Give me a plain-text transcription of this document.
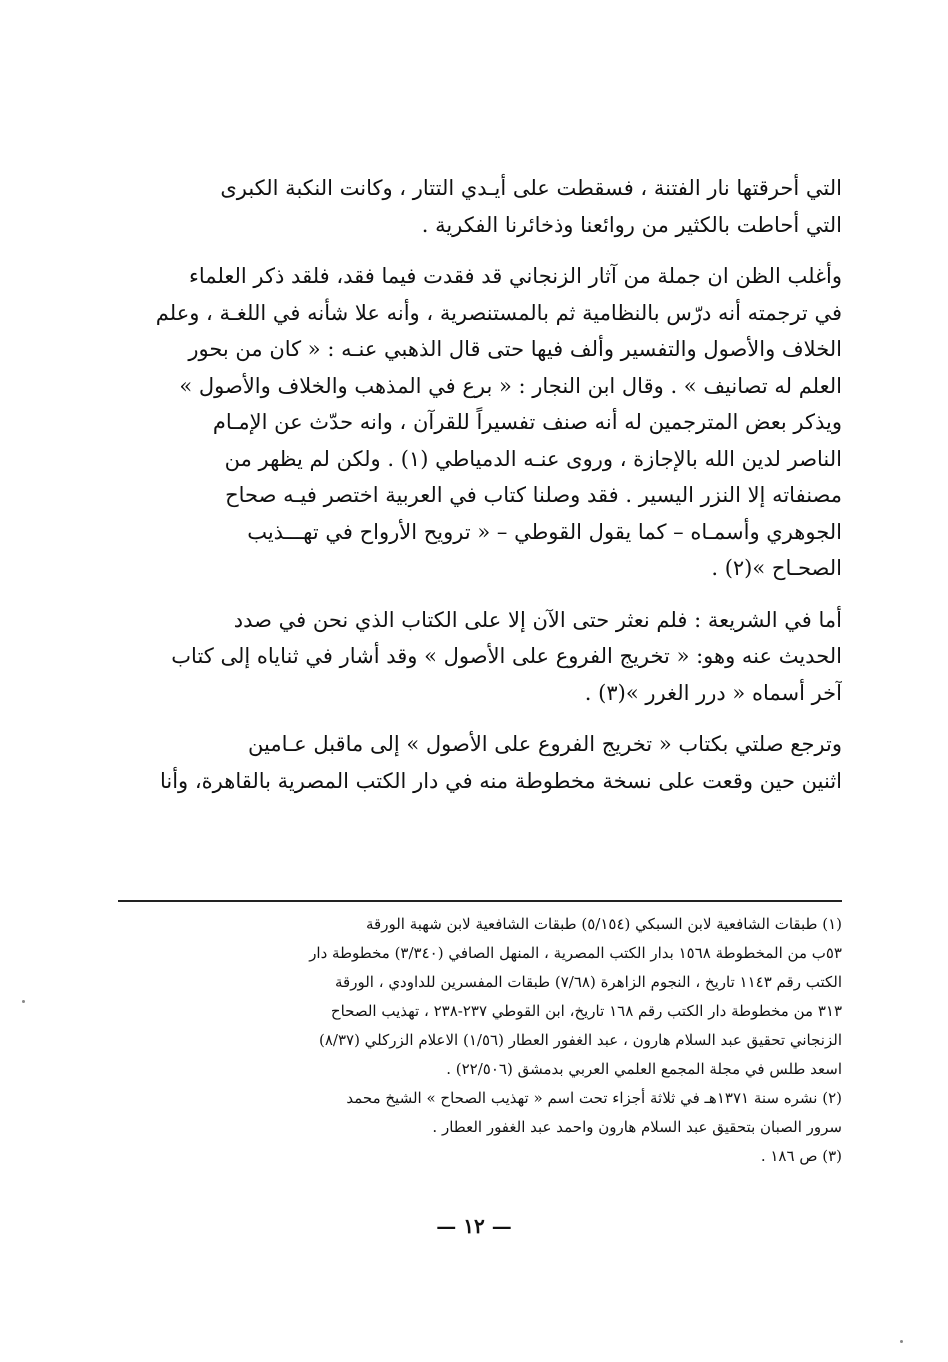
التي أحرقتها نار الفتنة ، فسقطت على أيـدي التتار ، وكانت النكبة الكبرى
التي أحاطت بالكثير من روائعنا وذخائرنا الفكرية .
وأغلب الظن ان جملة من آثار الزنجاني قد فقدت فيما فقد، فلقد ذكر العلماء
في ترجمته أنه درّس بالنظامية ثم بالمستنصرية ، وأنه علا شأنه في اللغـة ، وعلم
الخلاف والأصول والتفسير وألف فيها حتى قال الذهبي عنـه : « كان من بحور
العلم له تصانيف » . وقال ابن النجار : « برع في المذهب والخلاف والأصول »
ويذكر بعض المترجمين له أنه صنف تفسيراً للقرآن ، وانه حدّث عن الإمـام
الناصر لدين الله بالإجازة ، وروى عنـه الدمياطي (١) . ولكن لم يظهر من
مصنفاته إلا النزر اليسير . فقد وصلنا كتاب في العربية اختصر فيـه صحاح
الجوهري وأسمـاه – كما يقول القوطي – « ترويح الأرواح في تهـــذيب
الصحـاح »(٢) .
أما في الشريعة : فلم نعثر حتى الآن إلا على الكتاب الذي نحن في صدد
الحديث عنه وهو: « تخريج الفروع على الأصول » وقد أشار في ثناياه إلى كتاب
آخر أسماه « درر الغرر »(٣) .
وترجع صلتي بكتاب « تخريج الفروع على الأصول » إلى ماقبل عـامين
اثنين حين وقعت على نسخة مخطوطة منه في دار الكتب المصرية بالقاهرة، وأنا
(١) طبقات الشافعية لابن السبكي (٥/١٥٤) طبقات الشافعية لابن شهبة الورقة
٥٣ب من المخطوطة ١٥٦٨ بدار الكتب المصرية ، المنهل الصافي (٣/٣٤٠) مخطوطة دار
الكتب رقم ١١٤٣ تاريخ ، النجوم الزاهرة (٧/٦٨) طبقات المفسرين للداودي ، الورقة
٣١٣ من مخطوطة دار الكتب رقم ١٦٨ تاريخ، ابن القوطي ٢٣٧-٢٣٨ ، تهذيب الصحاح
الزنجاني تحقيق عبد السلام هارون ، عبد الغفور العطار (١/٥٦) الاعلام الزركلي (٨/٣٧)
اسعد طلس في مجلة المجمع العلمي العربي بدمشق (٢٢/٥٠٦) .
(٢) نشره سنة ١٣٧١هـ في ثلاثة أجزاء تحت اسم « تهذيب الصحاح » الشيخ محمد
سرور الصبان بتحقيق عبد السلام هارون واحمد عبد الغفور العطار .
(٣) ص ١٨٦ .
— ١٢ —
